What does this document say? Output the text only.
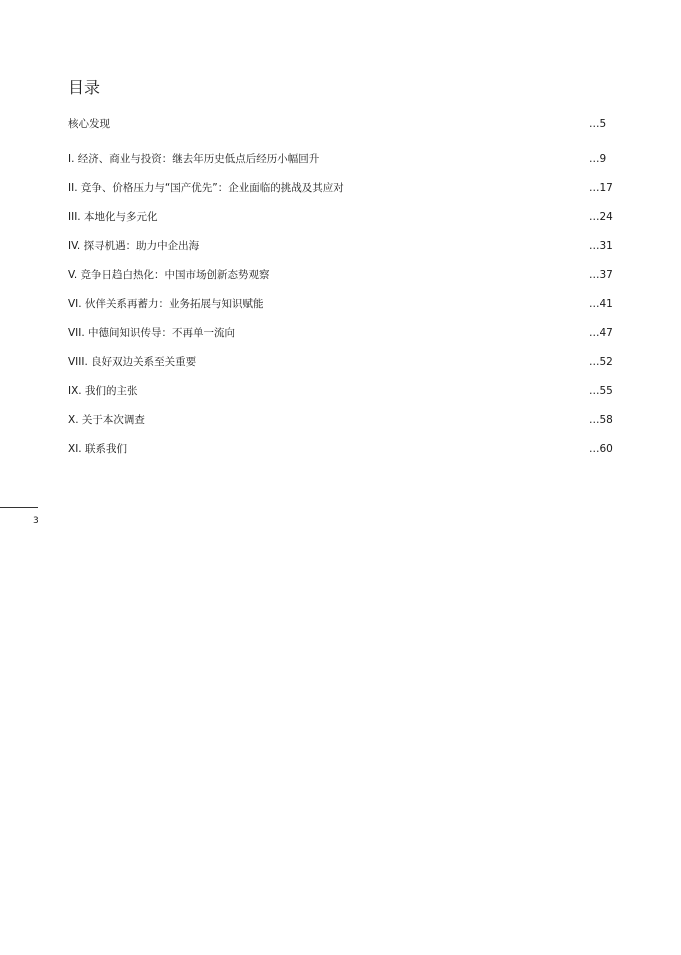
目录
核心发现	…5
I. 经济、商业与投资：继去年历史低点后经历小幅回升	…9
II. 竞争、价格压力与“国产优先”：企业面临的挑战及其应对	…17
III. 本地化与多元化	…24
IV. 探寻机遇：助力中企出海	…31
V. 竞争日趋白热化：中国市场创新态势观察	…37
VI. 伙伴关系再蓄力：业务拓展与知识赋能	…41
VII. 中德间知识传导：不再单一流向	…47
VIII. 良好双边关系至关重要	…52
IX. 我们的主张	…55
X. 关于本次调查	…58
XI. 联系我们	…60
3
